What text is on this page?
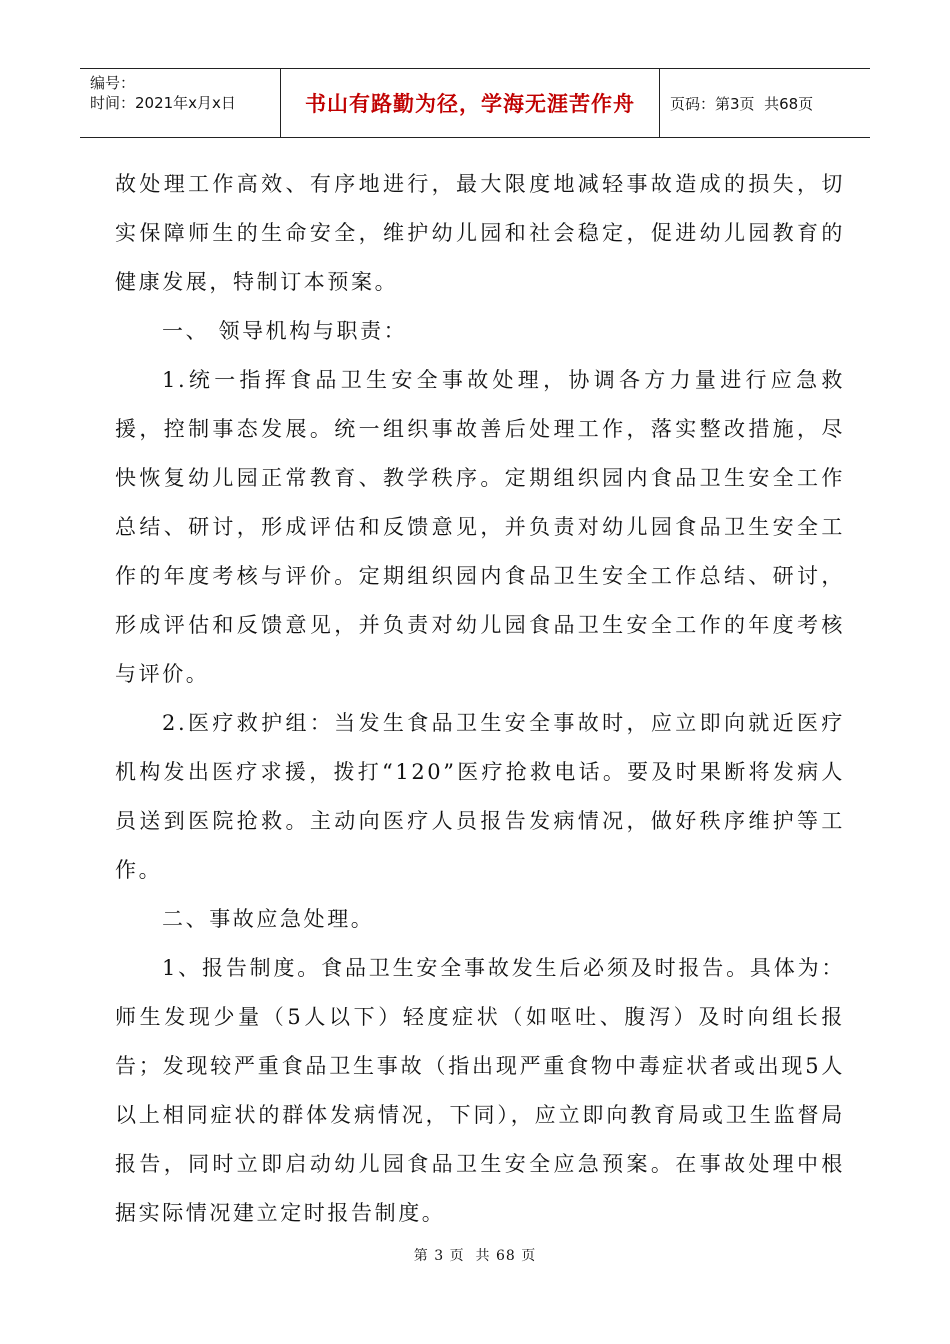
编号：
时间：2021年x月x日	书山有路勤为径，学海无涯苦作舟	页码：第3页  共68页

故处理工作高效、有序地进行，最大限度地减轻事故造成的损失，切实保障师生的生命安全，维护幼儿园和社会稳定，促进幼儿园教育的健康发展，特制订本预案。

一、 领导机构与职责：

1.统一指挥食品卫生安全事故处理，协调各方力量进行应急救援，控制事态发展。统一组织事故善后处理工作，落实整改措施，尽快恢复幼儿园正常教育、教学秩序。定期组织园内食品卫生安全工作总结、研讨，形成评估和反馈意见，并负责对幼儿园食品卫生安全工作的年度考核与评价。定期组织园内食品卫生安全工作总结、研讨，形成评估和反馈意见，并负责对幼儿园食品卫生安全工作的年度考核与评价。

2.医疗救护组：当发生食品卫生安全事故时，应立即向就近医疗机构发出医疗求援，拨打“120”医疗抢救电话。要及时果断将发病人员送到医院抢救。主动向医疗人员报告发病情况，做好秩序维护等工作。

二、事故应急处理。

1、报告制度。食品卫生安全事故发生后必须及时报告。具体为：师生发现少量（5人以下）轻度症状（如呕吐、腹泻）及时向组长报告；发现较严重食品卫生事故（指出现严重食物中毒症状者或出现5人以上相同症状的群体发病情况，下同），应立即向教育局或卫生监督局报告，同时立即启动幼儿园食品卫生安全应急预案。在事故处理中根据实际情况建立定时报告制度。

第 3 页  共 68 页
